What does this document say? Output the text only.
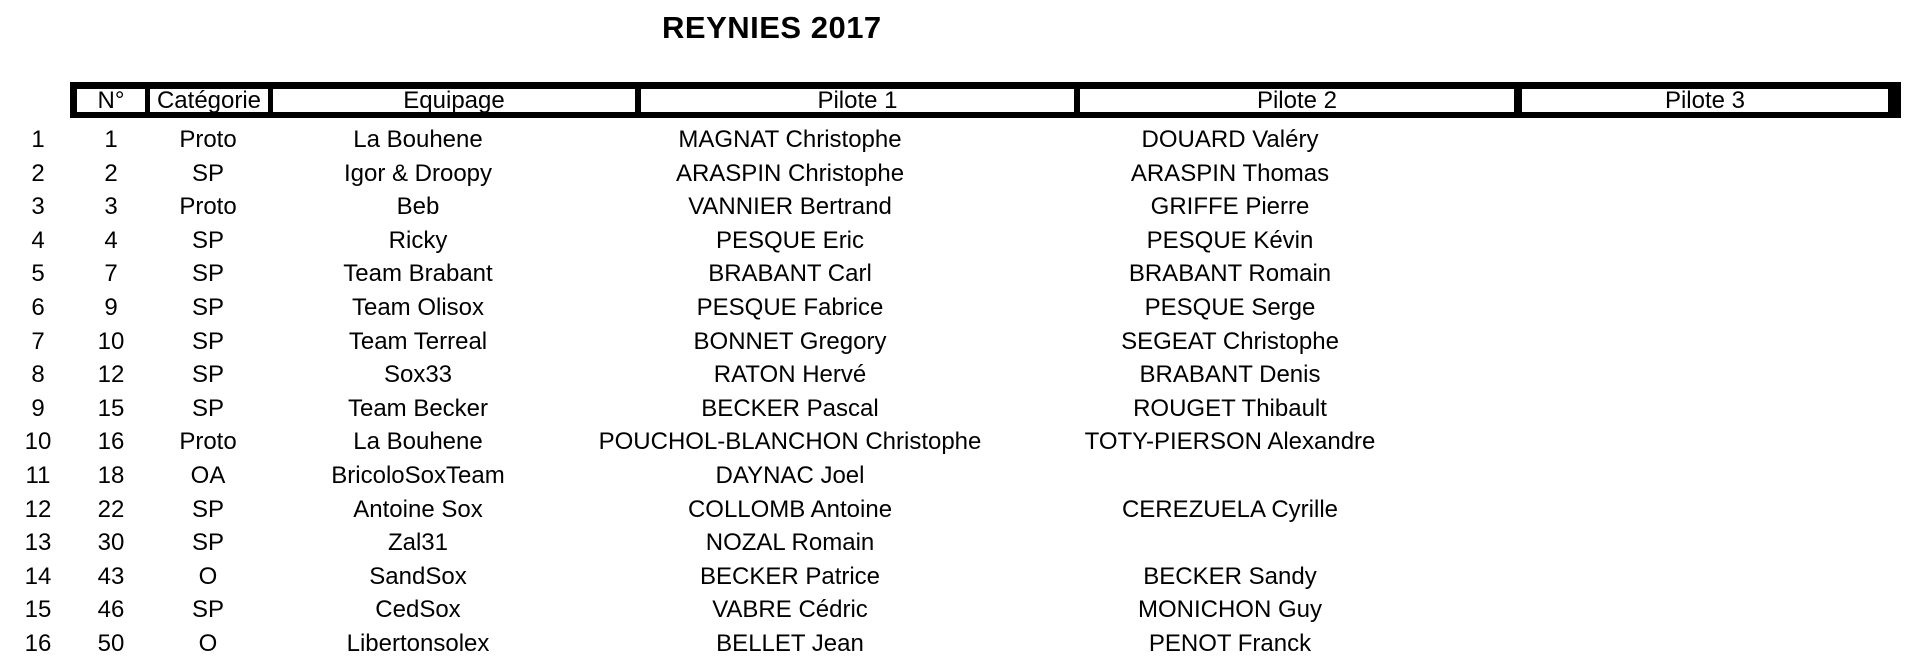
REYNIES 2017
N°	Catégorie	Equipage	Pilote 1	Pilote 2	Pilote 3
1	1	Proto	La Bouhene	MAGNAT Christophe	DOUARD Valéry
2	2	SP	Igor & Droopy	ARASPIN Christophe	ARASPIN Thomas
3	3	Proto	Beb	VANNIER Bertrand	GRIFFE Pierre
4	4	SP	Ricky	PESQUE Eric	PESQUE Kévin
5	7	SP	Team Brabant	BRABANT Carl	BRABANT Romain
6	9	SP	Team Olisox	PESQUE Fabrice	PESQUE Serge
7	10	SP	Team Terreal	BONNET Gregory	SEGEAT Christophe
8	12	SP	Sox33	RATON Hervé	BRABANT Denis
9	15	SP	Team Becker	BECKER Pascal	ROUGET Thibault
10	16	Proto	La Bouhene	POUCHOL-BLANCHON Christophe	TOTY-PIERSON Alexandre
11	18	OA	BricoloSoxTeam	DAYNAC Joel
12	22	SP	Antoine Sox	COLLOMB Antoine	CEREZUELA Cyrille
13	30	SP	Zal31	NOZAL Romain
14	43	O	SandSox	BECKER Patrice	BECKER Sandy
15	46	SP	CedSox	VABRE Cédric	MONICHON Guy
16	50	O	Libertonsolex	BELLET Jean	PENOT Franck
